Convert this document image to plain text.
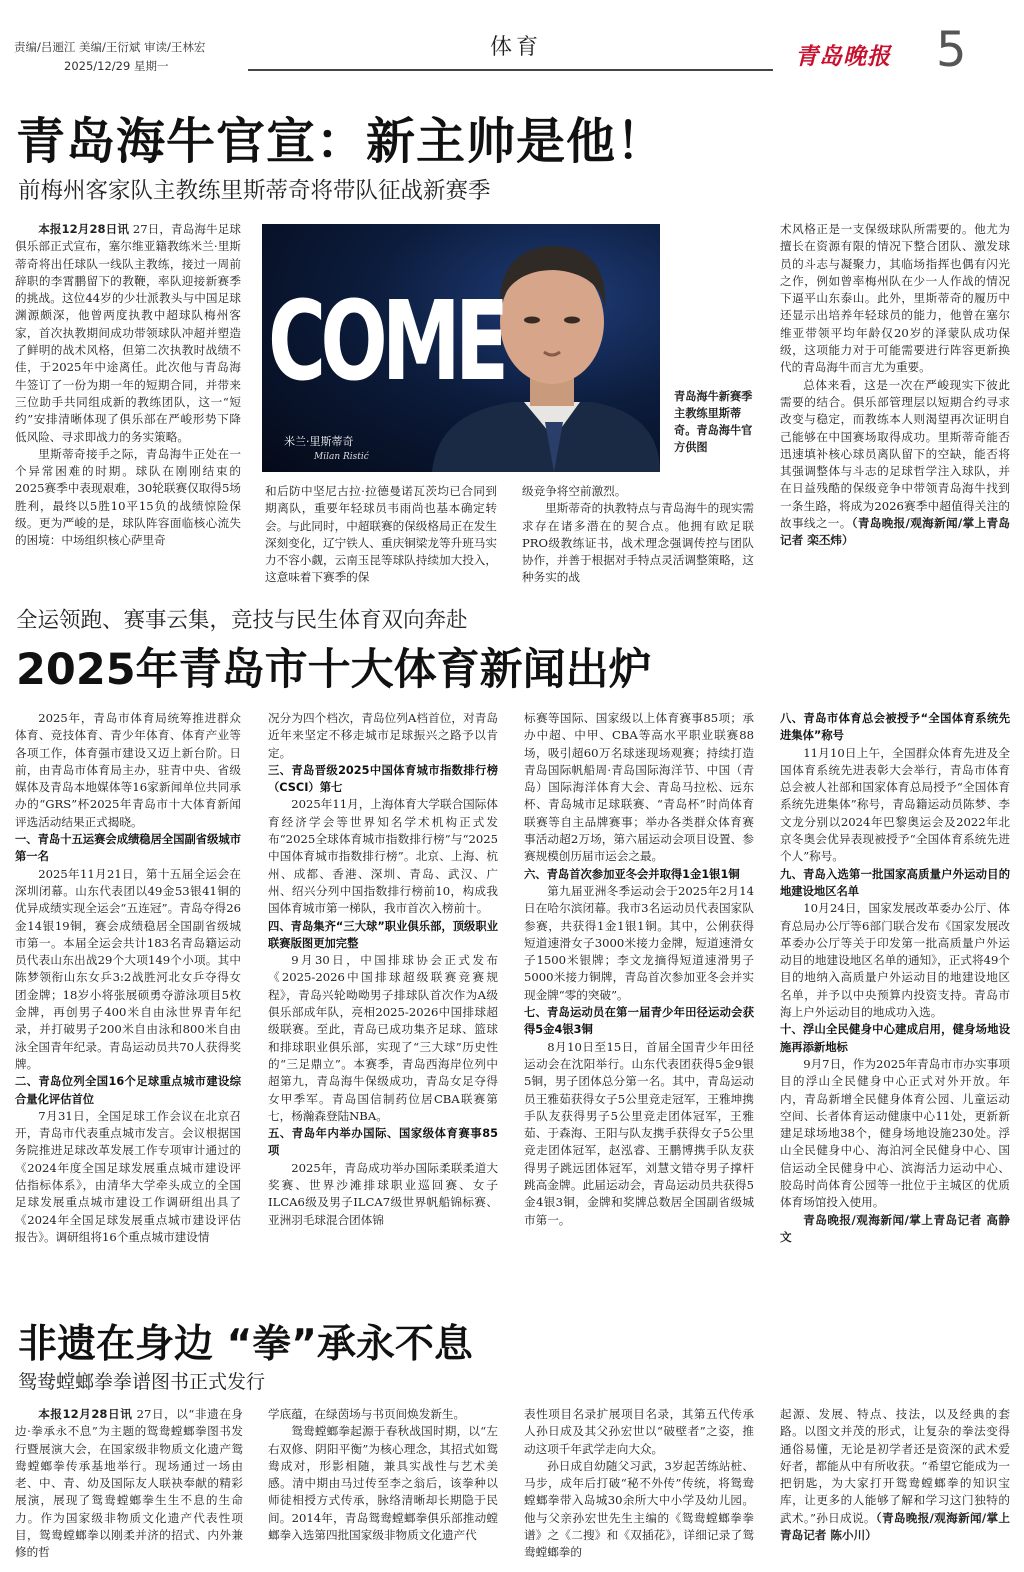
责编/吕逦江 美编/王衍斌 审读/王林宏
2025/12/29 星期一
体育	青岛晚报 5
青岛海牛官宣：新主帅是他！
前梅州客家队主教练里斯蒂奇将带队征战新赛季

本报12月28日讯 27日，青岛海牛足球俱乐部正式宣布，塞尔维亚籍教练米兰·里斯蒂奇将出任球队一线队主教练，接过一周前辞职的李霄鹏留下的教鞭，率队迎接新赛季的挑战。这位44岁的少壮派教头与中国足球渊源颇深，他曾两度执教中超球队梅州客家，首次执教期间成功带领球队冲超并塑造了鲜明的战术风格，但第二次执教时战绩不佳，于2025年中途离任。此次他与青岛海牛签订了一份为期一年的短期合同，并带来三位助手共同组成新的教练团队，这一“短约”安排清晰体现了俱乐部在严峻形势下降低风险、寻求即战力的务实策略。

里斯蒂奇接手之际，青岛海牛正处在一个异常困难的时期。球队在刚刚结束的2025赛季中表现艰难，30轮联赛仅取得5场胜利，最终以5胜10平15负的战绩惊险保级。更为严峻的是，球队阵容面临核心流失的困境：中场组织核心萨里奇

COME
米兰·里斯蒂奇
Milan Ristić
青岛海牛新赛季主教练里斯蒂奇。青岛海牛官方供图
和后防中坚尼古拉·拉德曼诺瓦茨均已合同到期离队，重要年轻球员韦雨尚也基本确定转会。与此同时，中超联赛的保级格局正在发生深刻变化，辽宁铁人、重庆铜梁龙等升班马实力不容小觑，云南玉昆等球队持续加大投入，这意味着下赛季的保
级竞争将空前激烈。

里斯蒂奇的执教特点与青岛海牛的现实需求存在诸多潜在的契合点。他拥有欧足联PRO级教练证书，战术理念强调传控与团队协作，并善于根据对手特点灵活调整策略，这种务实的战

术风格正是一支保级球队所需要的。他尤为擅长在资源有限的情况下整合团队、激发球员的斗志与凝聚力，其临场指挥也偶有闪光之作，例如曾率梅州队在少一人作战的情况下逼平山东泰山。此外，里斯蒂奇的履历中还显示出培养年轻球员的能力，他曾在塞尔维亚带领平均年龄仅20岁的泽蒙队成功保级，这项能力对于可能需要进行阵容更新换代的青岛海牛而言尤为重要。

总体来看，这是一次在严峻现实下彼此需要的结合。俱乐部管理层以短期合约寻求改变与稳定，而教练本人则渴望再次证明自己能够在中国赛场取得成功。里斯蒂奇能否迅速填补核心球员离队留下的空缺，能否将其强调整体与斗志的足球哲学注入球队，并在日益残酷的保级竞争中带领青岛海牛找到一条生路，将成为2026赛季中超值得关注的故事线之一。（青岛晚报/观海新闻/掌上青岛记者 栾丕炜）

全运领跑、赛事云集，竞技与民生体育双向奔赴
2025年青岛市十大体育新闻出炉

2025年，青岛市体育局统筹推进群众体育、竞技体育、青少年体育、体育产业等各项工作，体育强市建设又迈上新台阶。日前，由青岛市体育局主办，驻青中央、省级媒体及青岛本地媒体等16家新闻单位共同承办的“GRS”杯2025年青岛市十大体育新闻评选活动结果正式揭晓。

一、青岛十五运赛会成绩稳居全国副省级城市第一名

2025年11月21日，第十五届全运会在深圳闭幕。山东代表团以49金53银41铜的优异成绩实现全运会“五连冠”。青岛夺得26金14银19铜，赛会成绩稳居全国副省级城市第一。本届全运会共计183名青岛籍运动员代表山东出战29个大项149个小项。其中陈梦领衔山东女乒3:2战胜河北女乒夺得女团金牌；18岁小将张展硕勇夺游泳项目5枚金牌，再创男子400米自由泳世界青年纪录，并打破男子200米自由泳和800米自由泳全国青年纪录。青岛运动员共70人获得奖牌。

二、青岛位列全国16个足球重点城市建设综合量化评估首位

7月31日，全国足球工作会议在北京召开，青岛市代表重点城市发言。会议根据国务院推进足球改革发展工作专项审计通过的《2024年度全国足球发展重点城市建设评估指标体系》，由清华大学牵头成立的全国足球发展重点城市建设工作调研组出具了《2024年全国足球发展重点城市建设评估报告》。调研组将16个重点城市建设情

况分为四个档次，青岛位列A档首位，对青岛近年来坚定不移走城市足球振兴之路予以肯定。
三、青岛晋级2025中国体育城市指数排行榜（CSCI）第七

2025年11月，上海体育大学联合国际体育经济学会等世界知名学术机构正式发布“2025全球体育城市指数排行榜”与“2025中国体育城市指数排行榜”。北京、上海、杭州、成都、香港、深圳、青岛、武汉、广州、绍兴分列中国指数排行榜前10，构成我国体育城市第一梯队，我市首次入榜前十。

四、青岛集齐“三大球”职业俱乐部，顶级职业联赛版图更加完整

9月30日，中国排球协会正式发布《2025-2026中国排球超级联赛竞赛规程》，青岛兴轮呦呦男子排球队首次作为A级俱乐部成年队，亮相2025-2026中国排球超级联赛。至此，青岛已成功集齐足球、篮球和排球职业俱乐部，实现了“三大球”历史性的“三足鼎立”。本赛季，青岛西海岸位列中超第九，青岛海牛保级成功，青岛女足夺得女甲季军。青岛国信制药位居CBA联赛第七，杨瀚森登陆NBA。

五、青岛年内举办国际、国家级体育赛事85项

2025年，青岛成功举办国际柔联柔道大奖赛、世界沙滩排球职业巡回赛、女子ILCA6级及男子ILCA7级世界帆船锦标赛、亚洲羽毛球混合团体锦

标赛等国际、国家级以上体育赛事85项；承办中超、中甲、CBA等高水平职业联赛88场，吸引超60万名球迷现场观赛；持续打造青岛国际帆船周·青岛国际海洋节、中国（青岛）国际海洋体育大会、青岛马拉松、远东杯、青岛城市足球联赛、“青岛杯”时尚体育联赛等自主品牌赛事；举办各类群众体育赛事活动超2万场，第六届运动会项目设置、参赛规模创历届市运会之最。
六、青岛首次参加亚冬会并取得1金1银1铜

第九届亚洲冬季运动会于2025年2月14日在哈尔滨闭幕。我市3名运动员代表国家队参赛，共获得1金1银1铜。其中，公俐获得短道速滑女子3000米接力金牌，短道速滑女子1500米银牌；李文龙摘得短道速滑男子5000米接力铜牌，青岛首次参加亚冬会并实现金牌“零的突破”。

七、青岛运动员在第一届青少年田径运动会获得5金4银3铜

8月10日至15日，首届全国青少年田径运动会在沈阳举行。山东代表团获得5金9银5铜，男子团体总分第一名。其中，青岛运动员王雅茹获得女子5公里竞走冠军，王雅坤携手队友获得男子5公里竞走团体冠军，王雅茹、于森海、王阳与队友携手获得女子5公里竞走团体冠军，赵泓睿、王鹏博携手队友获得男子跳远团体冠军，刘慧文错夺男子撑杆跳高金牌。此届运动会，青岛运动员共获得5金4银3铜，金牌和奖牌总数居全国副省级城市第一。

八、青岛市体育总会被授予“全国体育系统先进集体”称号

11月10日上午，全国群众体育先进及全国体育系统先进表彰大会举行，青岛市体育总会被人社部和国家体育总局授予“全国体育系统先进集体”称号，青岛籍运动员陈梦、李文龙分别以2024年巴黎奥运会及2022年北京冬奥会优异表现被授予“全国体育系统先进个人”称号。

九、青岛入选第一批国家高质量户外运动目的地建设地区名单

10月24日，国家发展改革委办公厅、体育总局办公厅等6部门联合发布《国家发展改革委办公厅等关于印发第一批高质量户外运动目的地建设地区名单的通知》，正式将49个目的地纳入高质量户外运动目的地建设地区名单，并予以中央预算内投资支持。青岛市海上户外运动目的地成功入选。

十、浮山全民健身中心建成启用，健身场地设施再添新地标

9月7日，作为2025年青岛市市办实事项目的浮山全民健身中心正式对外开放。年内，青岛新增全民健身体育公园、儿童运动空间、长者体育运动健康中心11处，更新新建足球场地38个，健身场地设施230处。浮山全民健身中心、海泊河全民健身中心、国信运动全民健身中心、滨海活力运动中心、胶岛时尚体育公园等一批位于主城区的优质体育场馆投入使用。

青岛晚报/观海新闻/掌上青岛记者 高静文

非遗在身边 “拳”承永不息
鸳鸯螳螂拳拳谱图书正式发行

本报12月28日讯 27日，以“非遗在身边·拳承永不息”为主题的鸳鸯螳螂拳图书发行暨展演大会，在国家级非物质文化遗产鸳鸯螳螂拳传承基地举行。现场通过一场由老、中、青、幼及国际友人联袂奉献的精彩展演，展现了鸳鸯螳螂拳生生不息的生命力。作为国家级非物质文化遗产代表性项目，鸳鸯螳螂拳以刚柔并济的招式、内外兼修的哲

学底蕴，在绿茵场与书页间焕发新生。

鸳鸯螳螂拳起源于春秋战国时期，以“左右双修、阴阳平衡”为核心理念，其招式如鸳鸯成对，形影相随，兼具实战性与艺术美感。清中期由马过传至李之翁后，该拳种以师徒相授方式传承，脉络清晰却长期隐于民间。2014年，青岛鸳鸯螳螂拳俱乐部推动螳螂拳入选第四批国家级非物质文化遗产代

表性项目名录扩展项目名录，其第五代传承人孙日成及其父孙宏世以“破壁者”之姿，推动这项千年武学走向大众。

孙日成自幼随父习武，3岁起苦练站桩、马步，成年后打破“秘不外传”传统，将鸳鸯螳螂拳带入岛城30余所大中小学及幼儿园。他与父亲孙宏世先生主编的《鸳鸯螳螂拳拳谱》之《二搜》和《双插花》，详细记录了鸳鸯螳螂拳的

起源、发展、特点、技法，以及经典的套路。以图文并茂的形式，让复杂的拳法变得通俗易懂，无论是初学者还是资深的武术爱好者，都能从中有所收获。“希望它能成为一把钥匙，为大家打开鸳鸯螳螂拳的知识宝库，让更多的人能够了解和学习这门独特的武术。”孙日成说。（青岛晚报/观海新闻/掌上青岛记者 陈小川）
